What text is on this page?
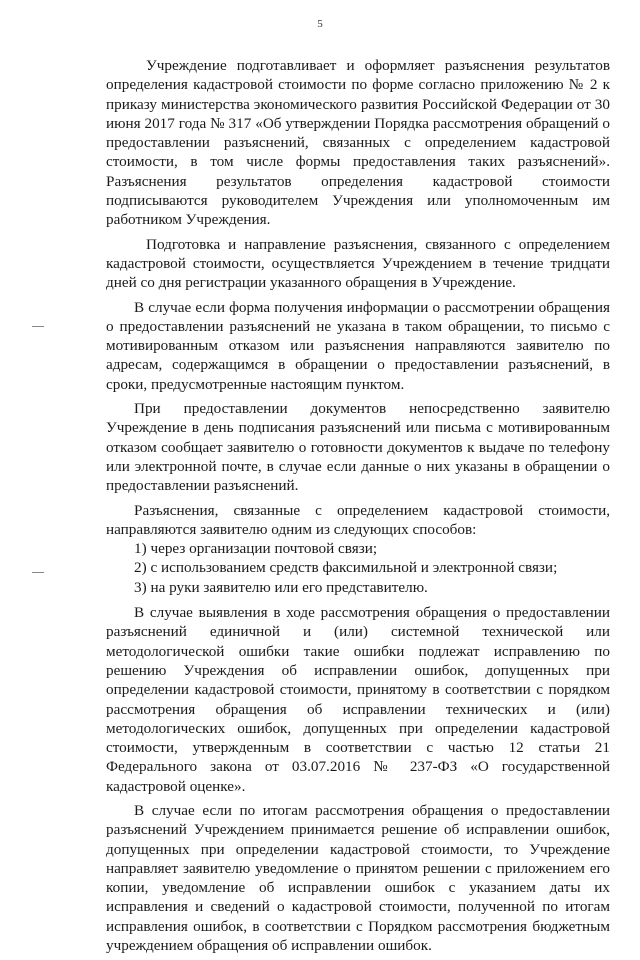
5

Учреждение подготавливает и оформляет разъяснения результатов определения кадастровой стоимости по форме согласно приложению № 2 к приказу министерства экономического развития Российской Федерации от 30 июня 2017 года № 317 «Об утверждении Порядка рассмотрения обращений о предоставлении разъяснений, связанных с определением кадастровой стоимости, в том числе формы предоставления таких разъяснений». Разъяснения результатов определения кадастровой стоимости подписываются руководителем Учреждения или уполномоченным им работником Учреждения.

Подготовка и направление разъяснения, связанного с определением кадастровой стоимости, осуществляется Учреждением в течение тридцати дней со дня регистрации указанного обращения в Учреждение.

В случае если форма получения информации о рассмотрении обращения о предоставлении разъяснений не указана в таком обращении, то письмо с мотивированным отказом или разъяснения направляются заявителю по адресам, содержащимся в обращении о предоставлении разъяснений, в сроки, предусмотренные настоящим пунктом.

При предоставлении документов непосредственно заявителю Учреждение в день подписания разъяснений или письма с мотивированным отказом сообщает заявителю о готовности документов к выдаче по телефону или электронной почте, в случае если данные о них указаны в обращении о предоставлении разъяснений.

Разъяснения, связанные с определением кадастровой стоимости, направляются заявителю одним из следующих способов:

1) через организации почтовой связи;

2) с использованием средств факсимильной и электронной связи;

3) на руки заявителю или его представителю.

В случае выявления в ходе рассмотрения обращения о предоставлении разъяснений единичной и (или) системной технической или методологической ошибки такие ошибки подлежат исправлению по решению Учреждения об исправлении ошибок, допущенных при определении кадастровой стоимости, принятому в соответствии с порядком рассмотрения обращения об исправлении технических и (или) методологических ошибок, допущенных при определении кадастровой стоимости, утвержденным в соответствии с частью 12 статьи 21 Федерального закона от 03.07.2016 № 237-ФЗ «О государственной кадастровой оценке».

В случае если по итогам рассмотрения обращения о предоставлении разъяснений Учреждением принимается решение об исправлении ошибок, допущенных при определении кадастровой стоимости, то Учреждение направляет заявителю уведомление о принятом решении с приложением его копии, уведомление об исправлении ошибок с указанием даты их исправления и сведений о кадастровой стоимости, полученной по итогам исправления ошибок, в соответствии с Порядком рассмотрения бюджетным учреждением обращения об исправлении ошибок.
